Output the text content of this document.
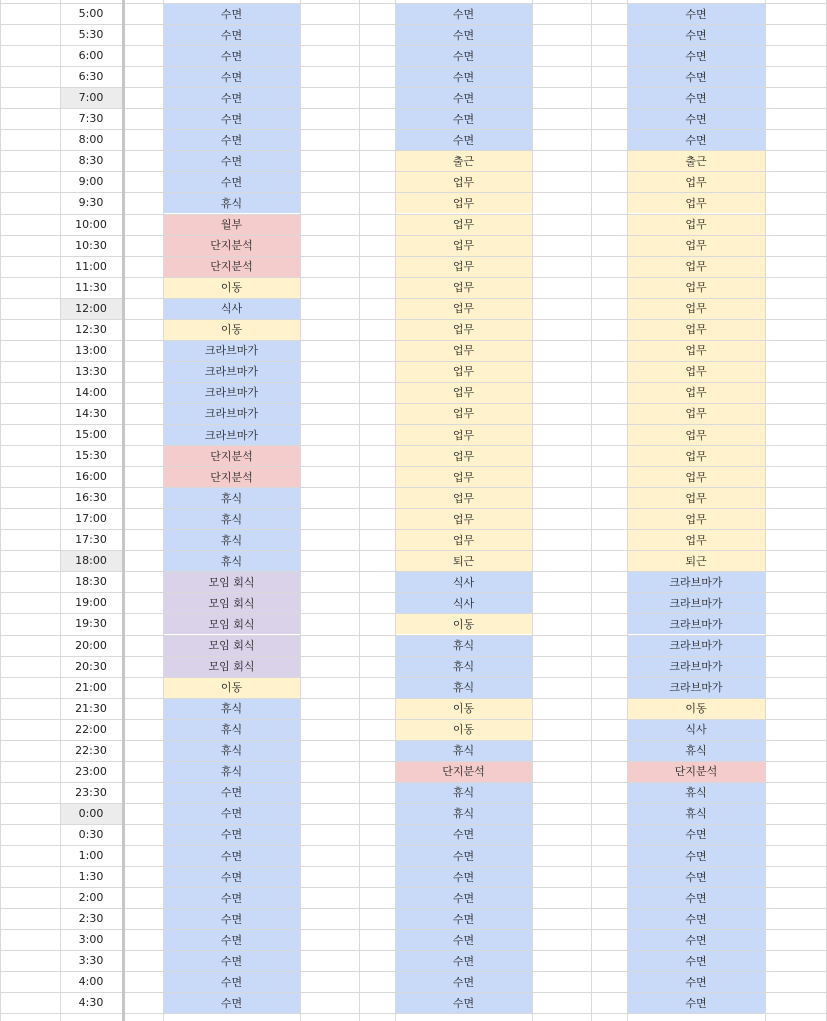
5:00	수면	수면	수면
5:30	수면	수면	수면
6:00	수면	수면	수면
6:30	수면	수면	수면
7:00	수면	수면	수면
7:30	수면	수면	수면
8:00	수면	수면	수면
8:30	수면	출근	출근
9:00	수면	업무	업무
9:30	휴식	업무	업무
10:00	월부	업무	업무
10:30	단지분석	업무	업무
11:00	단지분석	업무	업무
11:30	이동	업무	업무
12:00	식사	업무	업무
12:30	이동	업무	업무
13:00	크라브마가	업무	업무
13:30	크라브마가	업무	업무
14:00	크라브마가	업무	업무
14:30	크라브마가	업무	업무
15:00	크라브마가	업무	업무
15:30	단지분석	업무	업무
16:00	단지분석	업무	업무
16:30	휴식	업무	업무
17:00	휴식	업무	업무
17:30	휴식	업무	업무
18:00	휴식	퇴근	퇴근
18:30	모임 회식	식사	크라브마가
19:00	모임 회식	식사	크라브마가
19:30	모임 회식	이동	크라브마가
20:00	모임 회식	휴식	크라브마가
20:30	모임 회식	휴식	크라브마가
21:00	이동	휴식	크라브마가
21:30	휴식	이동	이동
22:00	휴식	이동	식사
22:30	휴식	휴식	휴식
23:00	휴식	단지분석	단지분석
23:30	수면	휴식	휴식
0:00	수면	휴식	휴식
0:30	수면	수면	수면
1:00	수면	수면	수면
1:30	수면	수면	수면
2:00	수면	수면	수면
2:30	수면	수면	수면
3:00	수면	수면	수면
3:30	수면	수면	수면
4:00	수면	수면	수면
4:30	수면	수면	수면
